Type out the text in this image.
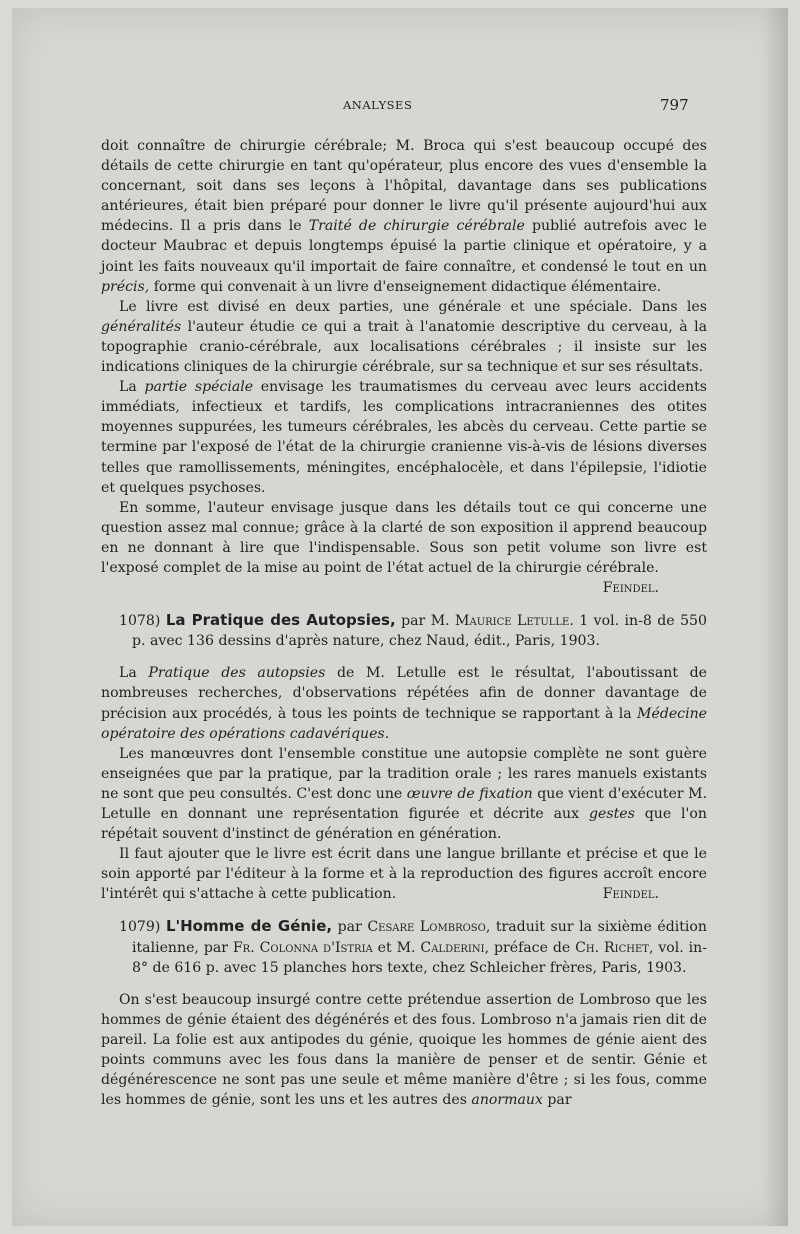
ANALYSES	797

doit connaître de chirurgie cérébrale; M. Broca qui s'est beaucoup occupé des détails de cette chirurgie en tant qu'opérateur, plus encore des vues d'ensemble la concernant, soit dans ses leçons à l'hôpital, davantage dans ses publications antérieures, était bien préparé pour donner le livre qu'il présente aujourd'hui aux médecins. Il a pris dans le Traité de chirurgie cérébrale publié autrefois avec le docteur Maubrac et depuis longtemps épuisé la partie clinique et opératoire, y a joint les faits nouveaux qu'il importait de faire connaître, et condensé le tout en un précis, forme qui convenait à un livre d'enseignement didactique élémentaire.

Le livre est divisé en deux parties, une générale et une spéciale. Dans les généralités l'auteur étudie ce qui a trait à l'anatomie descriptive du cerveau, à la topographie cranio-cérébrale, aux localisations cérébrales ; il insiste sur les indications cliniques de la chirurgie cérébrale, sur sa technique et sur ses résultats.

La partie spéciale envisage les traumatismes du cerveau avec leurs accidents immédiats, infectieux et tardifs, les complications intracraniennes des otites moyennes suppurées, les tumeurs cérébrales, les abcès du cerveau. Cette partie se termine par l'exposé de l'état de la chirurgie cranienne vis-à-vis de lésions diverses telles que ramollissements, méningites, encéphalocèle, et dans l'épilepsie, l'idiotie et quelques psychoses.

En somme, l'auteur envisage jusque dans les détails tout ce qui concerne une question assez mal connue; grâce à la clarté de son exposition il apprend beaucoup en ne donnant à lire que l'indispensable. Sous son petit volume son livre est l'exposé complet de la mise au point de l'état actuel de la chirurgie cérébrale.

Feindel.

1078) La Pratique des Autopsies, par M. Maurice Letulle. 1 vol. in-8 de 550 p. avec 136 dessins d'après nature, chez Naud, édit., Paris, 1903.

La Pratique des autopsies de M. Letulle est le résultat, l'aboutissant de nombreuses recherches, d'observations répétées afin de donner davantage de précision aux procédés, à tous les points de technique se rapportant à la Médecine opératoire des opérations cadavériques.

Les manœuvres dont l'ensemble constitue une autopsie complète ne sont guère enseignées que par la pratique, par la tradition orale ; les rares manuels existants ne sont que peu consultés. C'est donc une œuvre de fixation que vient d'exécuter M. Letulle en donnant une représentation figurée et décrite aux gestes que l'on répétait souvent d'instinct de génération en génération.

Il faut ajouter que le livre est écrit dans une langue brillante et précise et que le soin apporté par l'éditeur à la forme et à la reproduction des figures accroît encore l'intérêt qui s'attache à cette publication.	Feindel.

1079) L'Homme de Génie, par Cesare Lombroso, traduit sur la sixième édition italienne, par Fr. Colonna d'Istria et M. Calderini, préface de Ch. Richet, vol. in-8° de 616 p. avec 15 planches hors texte, chez Schleicher frères, Paris, 1903.

On s'est beaucoup insurgé contre cette prétendue assertion de Lombroso que les hommes de génie étaient des dégénérés et des fous. Lombroso n'a jamais rien dit de pareil. La folie est aux antipodes du génie, quoique les hommes de génie aient des points communs avec les fous dans la manière de penser et de sentir. Génie et dégénérescence ne sont pas une seule et même manière d'être ; si les fous, comme les hommes de génie, sont les uns et les autres des anormaux par
